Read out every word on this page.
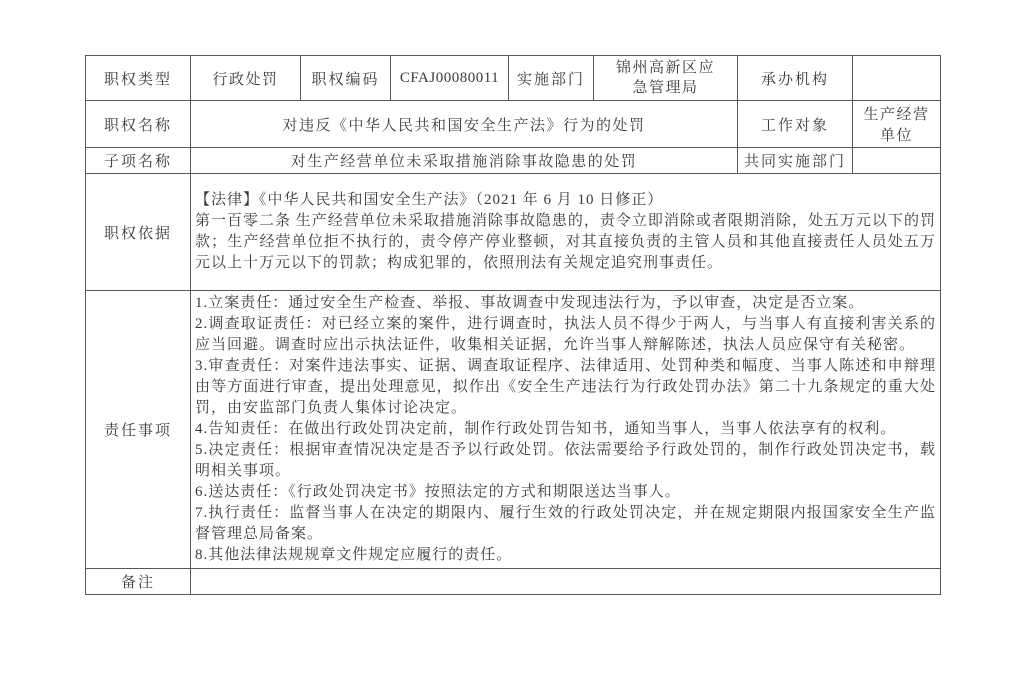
职权类型	行政处罚	职权编码	CFAJ00080011	实施部门	锦州高新区应急管理局	承办机构	
职权名称	对违反《中华人民共和国安全生产法》行为的处罚					工作对象	生产经营单位
子项名称	对生产经营单位未采取措施消除事故隐患的处罚					共同实施部门	
职权依据	【法律】《中华人民共和国安全生产法》（2021 年 6 月 10 日修正）
第一百零二条 生产经营单位未采取措施消除事故隐患的，责令立即消除或者限期消除，处五万元以下的罚款；生产经营单位拒不执行的，责令停产停业整顿，对其直接负责的主管人员和其他直接责任人员处五万元以上十万元以下的罚款；构成犯罪的，依照刑法有关规定追究刑事责任。						

责任事项	
1.立案责任：通过安全生产检查、举报、事故调查中发现违法行为，予以审查，决定是否立案。
2.调查取证责任：对已经立案的案件，进行调查时，执法人员不得少于两人，与当事人有直接利害关系的应当回避。调查时应出示执法证件，收集相关证据，允许当事人辩解陈述，执法人员应保守有关秘密。
3.审查责任：对案件违法事实、证据、调查取证程序、法律适用、处罚种类和幅度、当事人陈述和申辩理由等方面进行审查，提出处理意见，拟作出《安全生产违法行为行政处罚办法》第二十九条规定的重大处罚，由安监部门负责人集体讨论决定。
4.告知责任：在做出行政处罚决定前，制作行政处罚告知书，通知当事人，当事人依法享有的权利。
5.决定责任：根据审查情况决定是否予以行政处罚。依法需要给予行政处罚的，制作行政处罚决定书，载明相关事项。
6.送达责任：《行政处罚决定书》按照法定的方式和期限送达当事人。
7.执行责任：监督当事人在决定的期限内、履行生效的行政处罚决定，并在规定期限内报国家安全生产监督管理总局备案。
8.其他法律法规规章文件规定应履行的责任。

备注							
